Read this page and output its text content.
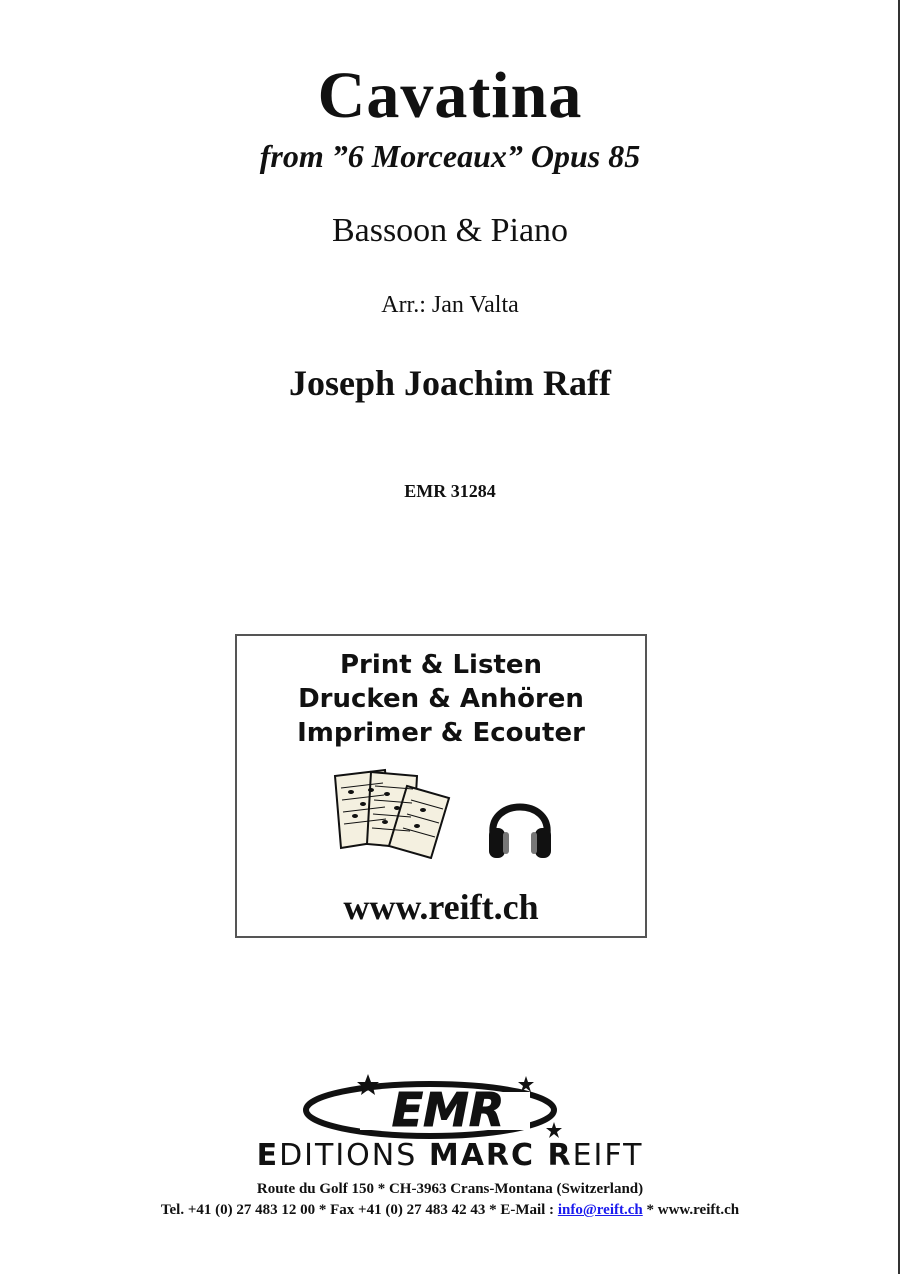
Cavatina
from ”6 Morceaux” Opus 85
Bassoon & Piano
Arr.: Jan Valta
Joseph Joachim Raff
EMR 31284
Print & Listen
Drucken & Anhören
Imprimer & Ecouter
www.reift.ch
EMR
EDITIONS MARC REIFT
Route du Golf 150 * CH-3963 Crans-Montana (Switzerland)
Tel. +41 (0) 27 483 12 00 * Fax +41 (0) 27 483 42 43 * E-Mail : info@reift.ch * www.reift.ch
